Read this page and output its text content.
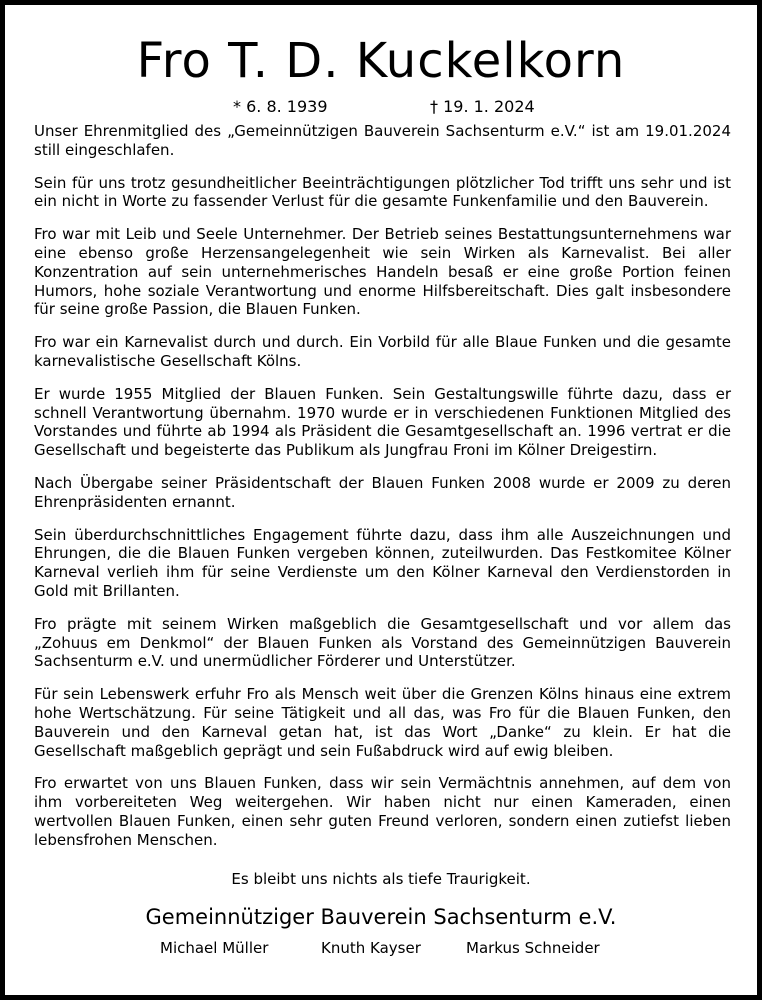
Fro T. D. Kuckelkorn
* 6. 8. 1939	† 19. 1. 2024

Unser Ehrenmitglied des „Gemeinnützigen Bauverein Sachsenturm e.V.“ ist am 19.01.2024 still eingeschlafen.

Sein für uns trotz gesundheitlicher Beeinträchtigungen plötzlicher Tod trifft uns sehr und ist ein nicht in Worte zu fassender Verlust für die gesamte Funkenfamilie und den Bauverein.

Fro war mit Leib und Seele Unternehmer. Der Betrieb seines Bestattungsunternehmens war eine ebenso große Herzensangelegenheit wie sein Wirken als Karnevalist. Bei aller Konzentration auf sein unternehmerisches Handeln besaß er eine große Portion feinen Humors, hohe soziale Verantwortung und enorme Hilfsbereitschaft. Dies galt insbesondere für seine große Passion, die Blauen Funken.

Fro war ein Karnevalist durch und durch. Ein Vorbild für alle Blaue Funken und die gesamte karnevalistische Gesellschaft Kölns.

Er wurde 1955 Mitglied der Blauen Funken. Sein Gestaltungswille führte dazu, dass er schnell Verantwortung übernahm. 1970 wurde er in verschiedenen Funktionen Mitglied des Vorstandes und führte ab 1994 als Präsident die Gesamtgesellschaft an. 1996 vertrat er die Gesellschaft und begeisterte das Publikum als Jungfrau Froni im Kölner Dreigestirn.

Nach Übergabe seiner Präsidentschaft der Blauen Funken 2008 wurde er 2009 zu deren Ehrenpräsidenten ernannt.

Sein überdurchschnittliches Engagement führte dazu, dass ihm alle Auszeichnungen und Ehrungen, die die Blauen Funken vergeben können, zuteilwurden. Das Festkomitee Kölner Karneval verlieh ihm für seine Verdienste um den Kölner Karneval den Verdienstorden in Gold mit Brillanten.

Fro prägte mit seinem Wirken maßgeblich die Gesamtgesellschaft und vor allem das „Zohuus em Denkmol“ der Blauen Funken als Vorstand des Gemeinnützigen Bauverein Sachsenturm e.V. und unermüdlicher Förderer und Unterstützer.

Für sein Lebenswerk erfuhr Fro als Mensch weit über die Grenzen Kölns hinaus eine extrem hohe Wertschätzung. Für seine Tätigkeit und all das, was Fro für die Blauen Funken, den Bauverein und den Karneval getan hat, ist das Wort „Danke“ zu klein. Er hat die Gesellschaft maßgeblich geprägt und sein Fußabdruck wird auf ewig bleiben.

Fro erwartet von uns Blauen Funken, dass wir sein Vermächtnis annehmen, auf dem von ihm vorbereiteten Weg weitergehen. Wir haben nicht nur einen Kameraden, einen wertvollen Blauen Funken, einen sehr guten Freund verloren, sondern einen zutiefst lieben lebensfrohen Menschen.

Es bleibt uns nichts als tiefe Traurigkeit.
Gemeinnütziger Bauverein Sachsenturm e.V.
Michael Müller	Knuth Kayser	Markus Schneider
